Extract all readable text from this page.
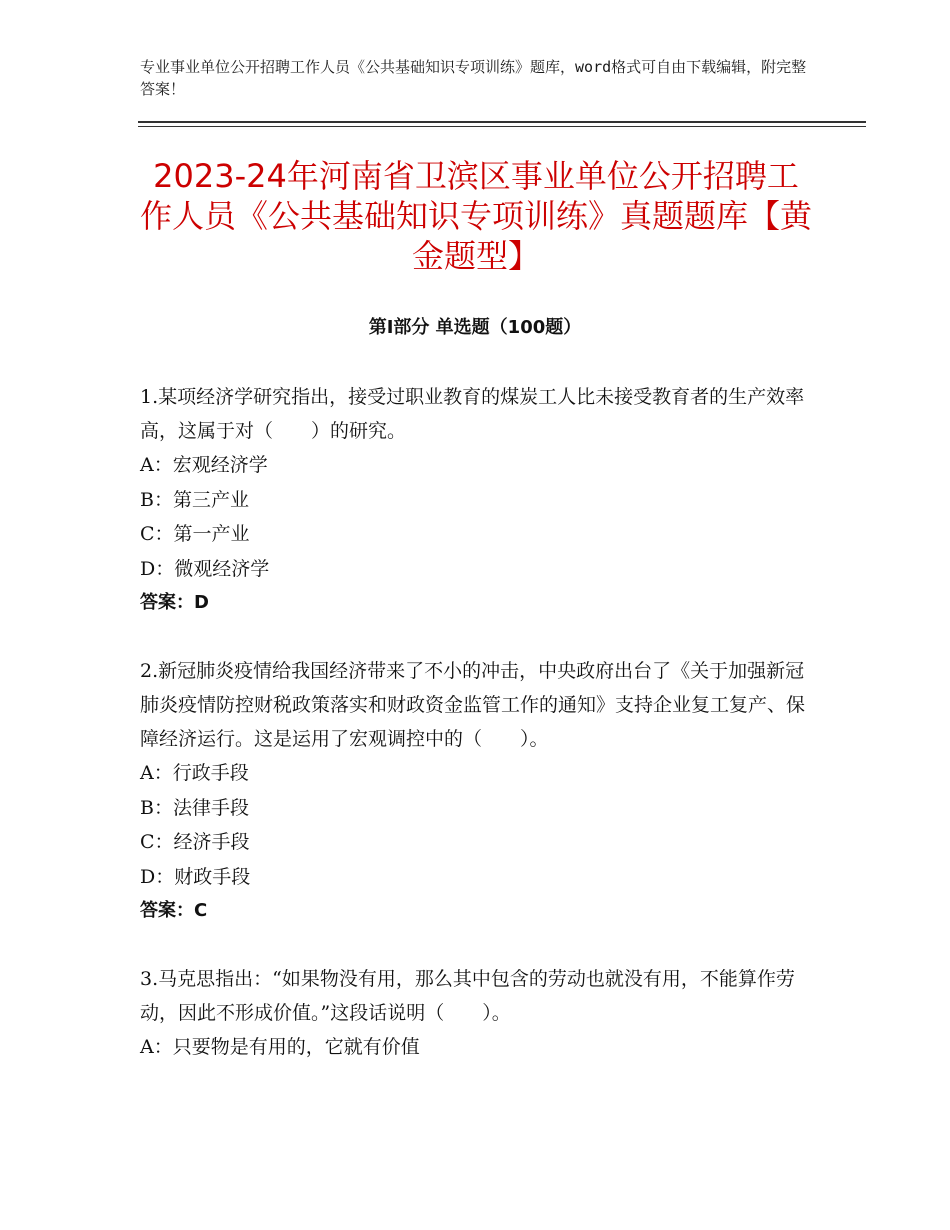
专业事业单位公开招聘工作人员《公共基础知识专项训练》题库，word格式可自由下载编辑，附完整答案！
2023-24年河南省卫滨区事业单位公开招聘工作人员《公共基础知识专项训练》真题题库【黄金题型】
第Ⅰ部分 单选题（100题）

1.某项经济学研究指出，接受过职业教育的煤炭工人比未接受教育者的生产效率高，这属于对（　　）的研究。

A：宏观经济学

B：第三产业

C：第一产业

D：微观经济学

答案：D

2.新冠肺炎疫情给我国经济带来了不小的冲击，中央政府出台了《关于加强新冠肺炎疫情防控财税政策落实和财政资金监管工作的通知》支持企业复工复产、保障经济运行。这是运用了宏观调控中的（　　）。

A：行政手段

B：法律手段

C：经济手段

D：财政手段

答案：C

3.马克思指出：“如果物没有用，那么其中包含的劳动也就没有用，不能算作劳动，因此不形成价值。”这段话说明（　　）。

A：只要物是有用的，它就有价值
